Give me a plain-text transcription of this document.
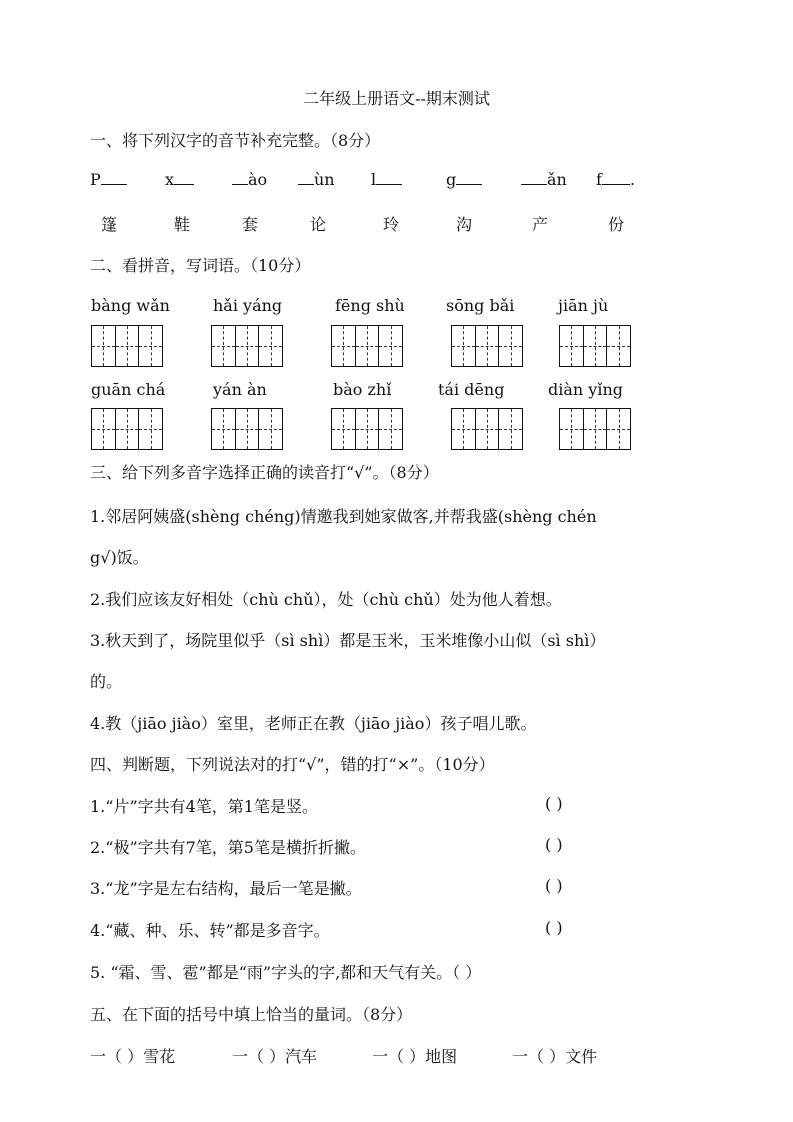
二年级上册语文--期末测试
一、将下列汉字的音节补充完整。（8分）
P	x	ào	ùn l	g	ǎn f .
篷	鞋	套	论	玲	沟	产	份
二、看拼音，写词语。（10分）
bàng wǎn	hǎi yáng	fēng shù	sōng bǎi	jiān jù
guān chá	yán àn	bào zhǐ	tái dēng	diàn yǐng
三、给下列多音字选择正确的读音打“√”。（8分）
1.邻居阿姨盛(shèng chéng)情邀我到她家做客,并帮我盛(shèng chén
g√)饭。
2.我们应该友好相处（chù chǔ），处（chù chǔ）处为他人着想。
3.秋天到了，场院里似乎（sì shì）都是玉米，玉米堆像小山似（sì shì）
的。
4.教（jiāo jiào）室里，老师正在教（jiāo jiào）孩子唱儿歌。
四、判断题，下列说法对的打“√”，错的打“×”。（10分）
1.“片”字共有4笔，第1笔是竖。	( )
2.“极”字共有7笔，第5笔是横折折撇。	( )
3.“龙”字是左右结构，最后一笔是撇。	( )
4.“藏、种、乐、转”都是多音字。	( )
5. “霜、雪、雹”都是“雨”字头的字,都和天气有关。（ ）
五、在下面的括号中填上恰当的量词。（8分）
一（ ）雪花	一（ ）汽车	一（ ）地图	一（ ）文件
